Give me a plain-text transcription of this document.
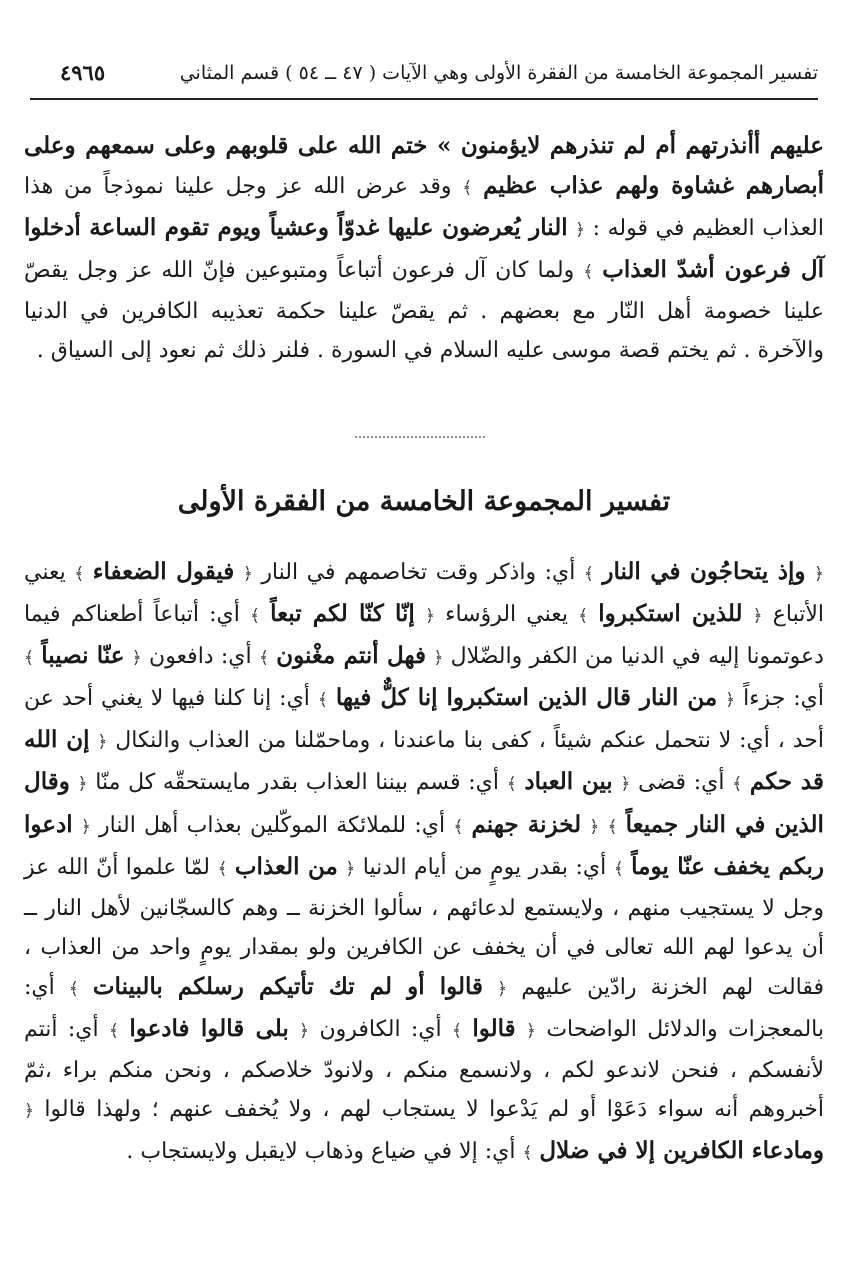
تفسير المجموعة الخامسة من الفقرة الأولى وهي الآيات ( ٤٧ ــ ٥٤ ) قسم المثاني
٤٩٦٥

عليهم أأنذرتهم أم لم تنذرهم لايؤمنون » ختم الله على قلوبهم وعلى سمعهم وعلى أبصارهم غشاوة ولهم عذاب عظيم ﴾ وقد عرض الله عز وجل علينا نموذجاً من هذا العذاب العظيم في قوله : ﴿ النار يُعرضون عليها غدوّاً وعشياً ويوم تقوم الساعة أدخلوا آل فرعون أشدّ العذاب ﴾ ولما كان آل فرعون أتباعاً ومتبوعين فإنّ الله عز وجل يقصّ علينا خصومة أهل النّار مع بعضهم . ثم يقصّ علينا حكمة تعذيبه الكافرين في الدنيا والآخرة . ثم يختم قصة موسى عليه السلام في السورة . فلنر ذلك ثم نعود إلى السياق .

تفسير المجموعة الخامسة من الفقرة الأولى

﴿ وإذ يتحاجُون في النار ﴾ أي: واذكر وقت تخاصمهم في النار ﴿ فيقول الضعفاء ﴾ يعني الأتباع ﴿ للذين استكبروا ﴾ يعني الرؤساء ﴿ إنّا كنّا لكم تبعاً ﴾ أي: أتباعاً أطعناكم فيما دعوتمونا إليه في الدنيا من الكفر والضّلال ﴿ فهل أنتم مغْنون ﴾ أي: دافعون ﴿ عنّا نصيباً ﴾ أي: جزءاً ﴿ من النار قال الذين استكبروا إنا كلٌّ فيها ﴾ أي: إنا كلنا فيها لا يغني أحد عن أحد ، أي: لا نتحمل عنكم شيئاً ، كفى بنا ماعندنا ، وماحمّلنا من العذاب والنكال ﴿ إن الله قد حكم ﴾ أي: قضى ﴿ بين العباد ﴾ أي: قسم بيننا العذاب بقدر مايستحقّه كل منّا ﴿ وقال الذين في النار جميعاً ﴾ ﴿ لخزنة جهنم ﴾ أي: للملائكة الموكّلين بعذاب أهل النار ﴿ ادعوا ربكم يخفف عنّا يوماً ﴾ أي: بقدر يومٍ من أيام الدنيا ﴿ من العذاب ﴾ لمّا علموا أنّ الله عز وجل لا يستجيب منهم ، ولايستمع لدعائهم ، سألوا الخزنة ــ وهم كالسجّانين لأهل النار ــ أن يدعوا لهم الله تعالى في أن يخفف عن الكافرين ولو بمقدار يومٍ واحد من العذاب ، فقالت لهم الخزنة رادّين عليهم ﴿ قالوا أو لم تك تأتيكم رسلكم بالبينات ﴾ أي: بالمعجزات والدلائل الواضحات ﴿ قالوا ﴾ أي: الكافرون ﴿ بلى قالوا فادعوا ﴾ أي: أنتم لأنفسكم ، فنحن لاندعو لكم ، ولانسمع منكم ، ولانودّ خلاصكم ، ونحن منكم براء ،ثمّ أخبروهم أنه سواء دَعَوْا أو لم يَدْعوا لا يستجاب لهم ، ولا يُخفف عنهم ؛ ولهذا قالوا ﴿ ومادعاء الكافرين إلا في ضلال ﴾ أي: إلا في ضياع وذهاب لايقبل ولايستجاب .
